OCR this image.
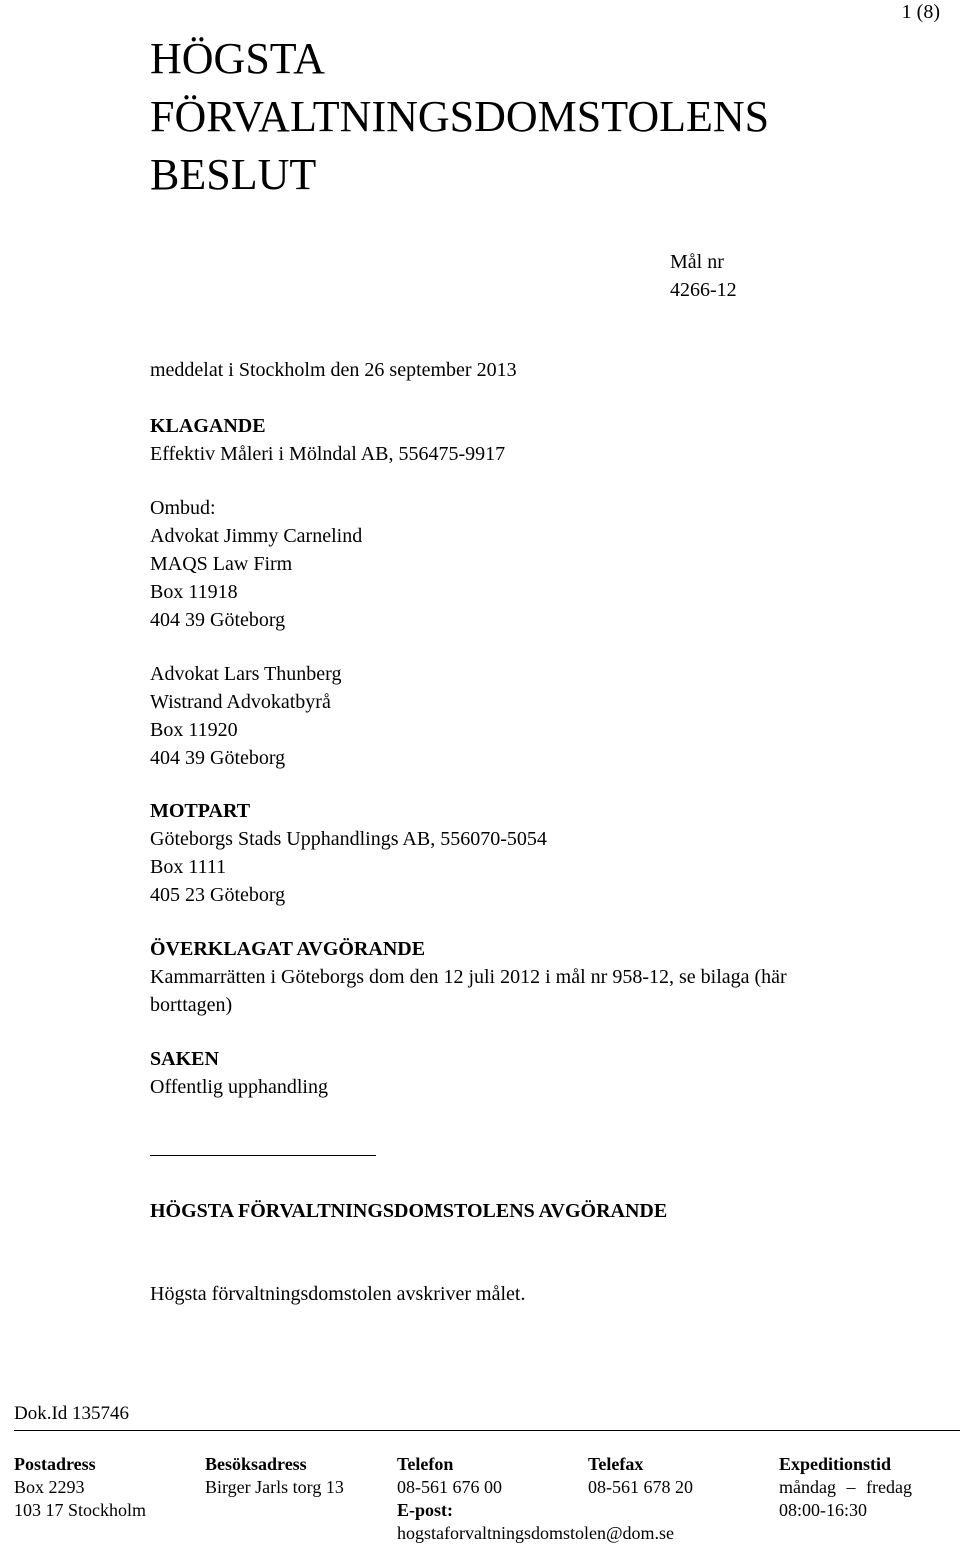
1 (8)
HÖGSTA
FÖRVALTNINGSDOMSTOLENS
BESLUT
Mål nr
4266-12
meddelat i Stockholm den 26 september 2013
KLAGANDE
Effektiv Måleri i Mölndal AB, 556475-9917
Ombud:
Advokat Jimmy Carnelind
MAQS Law Firm
Box 11918
404 39 Göteborg
Advokat Lars Thunberg
Wistrand Advokatbyrå
Box 11920
404 39 Göteborg
MOTPART
Göteborgs Stads Upphandlings AB, 556070-5054
Box 1111
405 23 Göteborg
ÖVERKLAGAT AVGÖRANDE
Kammarrätten i Göteborgs dom den 12 juli 2012 i mål nr 958-12, se bilaga (här
borttagen)
SAKEN
Offentlig upphandling
HÖGSTA FÖRVALTNINGSDOMSTOLENS AVGÖRANDE
Högsta förvaltningsdomstolen avskriver målet.
Dok.Id 135746
Postadress
Box 2293
103 17 Stockholm
Besöksadress
Birger Jarls torg 13
Telefon
08-561 676 00
E-post:
hogstaforvaltningsdomstolen@dom.se
Telefax
08-561 678 20
Expeditionstid
måndag – fredag
08:00-16:30
